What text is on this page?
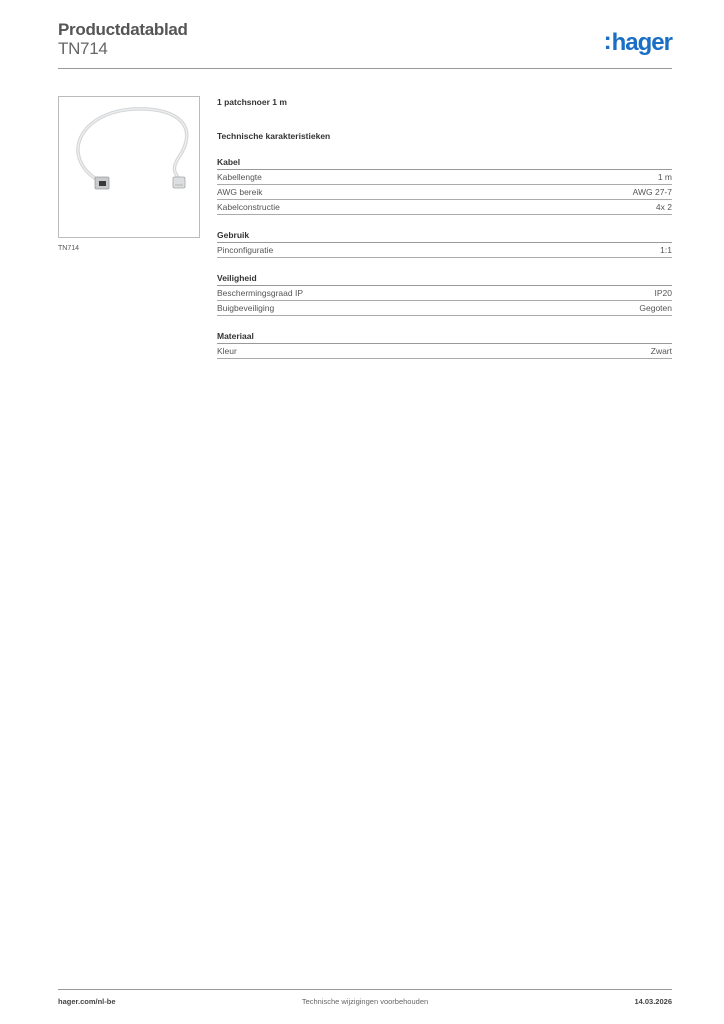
Productdatablad
TN714	:hager
TN714
1 patchsnoer 1 m
Technische karakteristieken
Kabel
Kabellengte	1 m
AWG bereik	AWG 27-7
Kabelconstructie	4x 2
Gebruik
Pinconfiguratie	1:1
Veiligheid
Beschermingsgraad IP	IP20
Buigbeveiliging	Gegoten
Materiaal
Kleur	Zwart
Technische wijzigingen voorbehouden
hager.com/nl-be	14.03.2026
